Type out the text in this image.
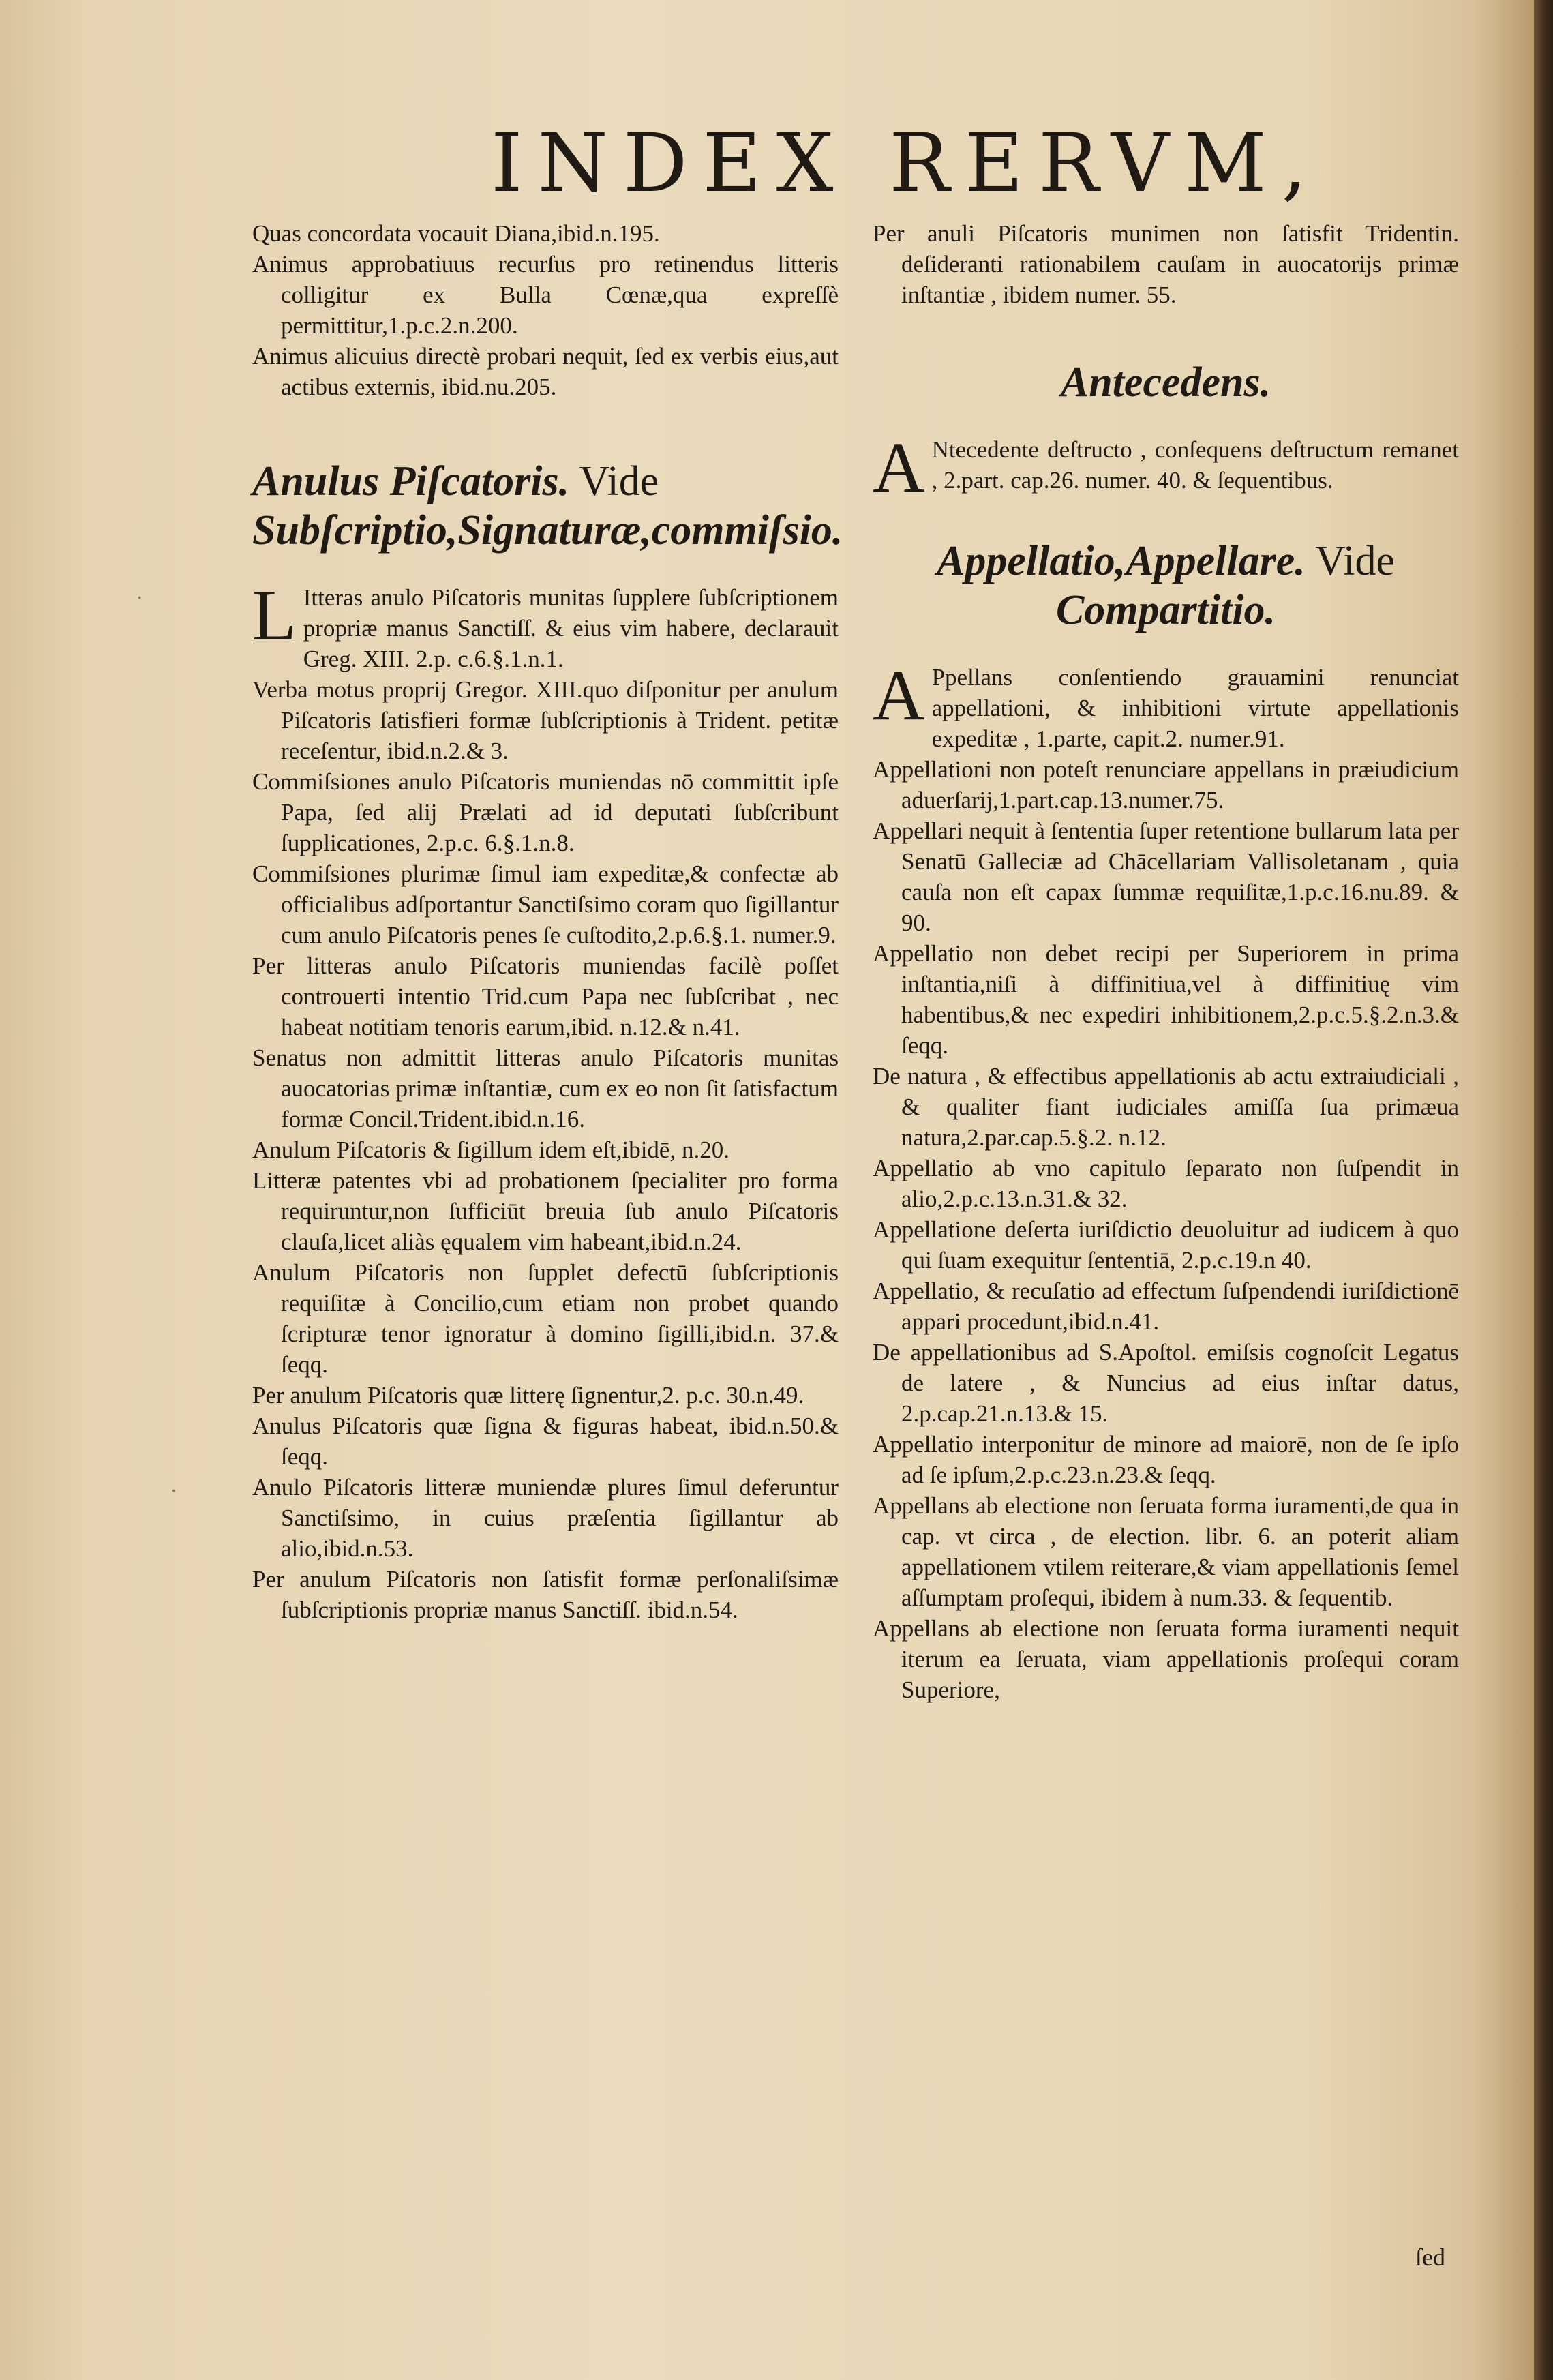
INDEX RERVM,

Quas concordata vocauit Diana,ibid.n.195.

Animus approbatiuus recurſus pro retinendus litteris colligitur ex Bulla Cœnæ,qua expreſſè permittitur,1.p.c.2.n.200.

Animus alicuius directè probari nequit, ſed ex verbis eius,aut actibus externis, ibid.nu.205.

Anulus Piſcatoris. Vide Subſcriptio,Signaturæ,commiſsio.

L Itteras anulo Piſcatoris munitas ſupplere ſubſcriptionem propriæ manus Sanctiſſ. & eius vim habere, declarauit Greg. XIII. 2.p. c.6.§.1.n.1.

Verba motus proprij Gregor. XIII.quo diſponitur per anulum Piſcatoris ſatisfieri formæ ſubſcriptionis à Trident. petitæ receſentur, ibid.n.2.& 3.

Commiſsiones anulo Piſcatoris muniendas nō committit ipſe Papa, ſed alij Prælati ad id deputati ſubſcribunt ſupplicationes, 2.p.c. 6.§.1.n.8.

Commiſsiones plurimæ ſimul iam expeditæ,& confectæ ab officialibus adſportantur Sanctiſsimo coram quo ſigillantur cum anulo Piſcatoris penes ſe cuſtodito,2.p.6.§.1. numer.9.

Per litteras anulo Piſcatoris muniendas facilè poſſet controuerti intentio Trid.cum Papa nec ſubſcribat , nec habeat notitiam tenoris earum,ibid. n.12.& n.41.

Senatus non admittit litteras anulo Piſcatoris munitas auocatorias primæ inſtantiæ, cum ex eo non ſit ſatisfactum formæ Concil.Trident.ibid.n.16.

Anulum Piſcatoris & ſigillum idem eſt,ibidē, n.20.

Litteræ patentes vbi ad probationem ſpecialiter pro forma requiruntur,non ſufficiūt breuia ſub anulo Piſcatoris clauſa,licet aliàs ęqualem vim habeant,ibid.n.24.

Anulum Piſcatoris non ſupplet defectū ſubſcriptionis requiſitæ à Concilio,cum etiam non probet quando ſcripturæ tenor ignoratur à domino ſigilli,ibid.n. 37.& ſeqq.

Per anulum Piſcatoris quæ litterę ſignentur,2. p.c. 30.n.49.

Anulus Piſcatoris quæ ſigna & figuras habeat, ibid.n.50.& ſeqq.

Anulo Piſcatoris litteræ muniendæ plures ſimul deferuntur Sanctiſsimo, in cuius præſentia ſigillantur ab alio,ibid.n.53.

Per anulum Piſcatoris non ſatisfit formæ perſonaliſsimæ ſubſcriptionis propriæ manus Sanctiſſ. ibid.n.54.

Per anuli Piſcatoris munimen non ſatisfit Tridentin. deſideranti rationabilem cauſam in auocatorijs primæ inſtantiæ , ibidem numer. 55.

Antecedens.

A Ntecedente deſtructo , conſequens deſtructum remanet , 2.part. cap.26. numer. 40. & ſequentibus.

Appellatio,Appellare. Vide
Compartitio.

A Ppellans conſentiendo grauamini renunciat appellationi, & inhibitioni virtute appellationis expeditæ , 1.parte, capit.2. numer.91.

Appellationi non poteſt renunciare appellans in præiudicium aduerſarij,1.part.cap.13.numer.75.

Appellari nequit à ſententia ſuper retentione bullarum lata per Senatū Galleciæ ad Chācellariam Vallisoletanam , quia cauſa non eſt capax ſummæ requiſitæ,1.p.c.16.nu.89. & 90.

Appellatio non debet recipi per Superiorem in prima inſtantia,niſi à diffinitiua,vel à diffinitiuę vim habentibus,& nec expediri inhibitionem,2.p.c.5.§.2.n.3.& ſeqq.

De natura , & effectibus appellationis ab actu extraiudiciali , & qualiter fiant iudiciales amiſſa ſua primæua natura,2.par.cap.5.§.2. n.12.

Appellatio ab vno capitulo ſeparato non ſuſpendit in alio,2.p.c.13.n.31.& 32.

Appellatione deſerta iuriſdictio deuoluitur ad iudicem à quo qui ſuam exequitur ſententiā, 2.p.c.19.n 40.

Appellatio, & recuſatio ad effectum ſuſpendendi iuriſdictionē appari procedunt,ibid.n.41.

De appellationibus ad S.Apoſtol. emiſsis cognoſcit Legatus de latere , & Nuncius ad eius inſtar datus, 2.p.cap.21.n.13.& 15.

Appellatio interponitur de minore ad maiorē, non de ſe ipſo ad ſe ipſum,2.p.c.23.n.23.& ſeqq.

Appellans ab electione non ſeruata forma iuramenti,de qua in cap. vt circa , de election. libr. 6. an poterit aliam appellationem vtilem reiterare,& viam appellationis ſemel aſſumptam proſequi, ibidem à num.33. & ſequentib.

Appellans ab electione non ſeruata forma iuramenti nequit iterum ea ſeruata, viam appellationis proſequi coram Superiore,

ſed
·
·
